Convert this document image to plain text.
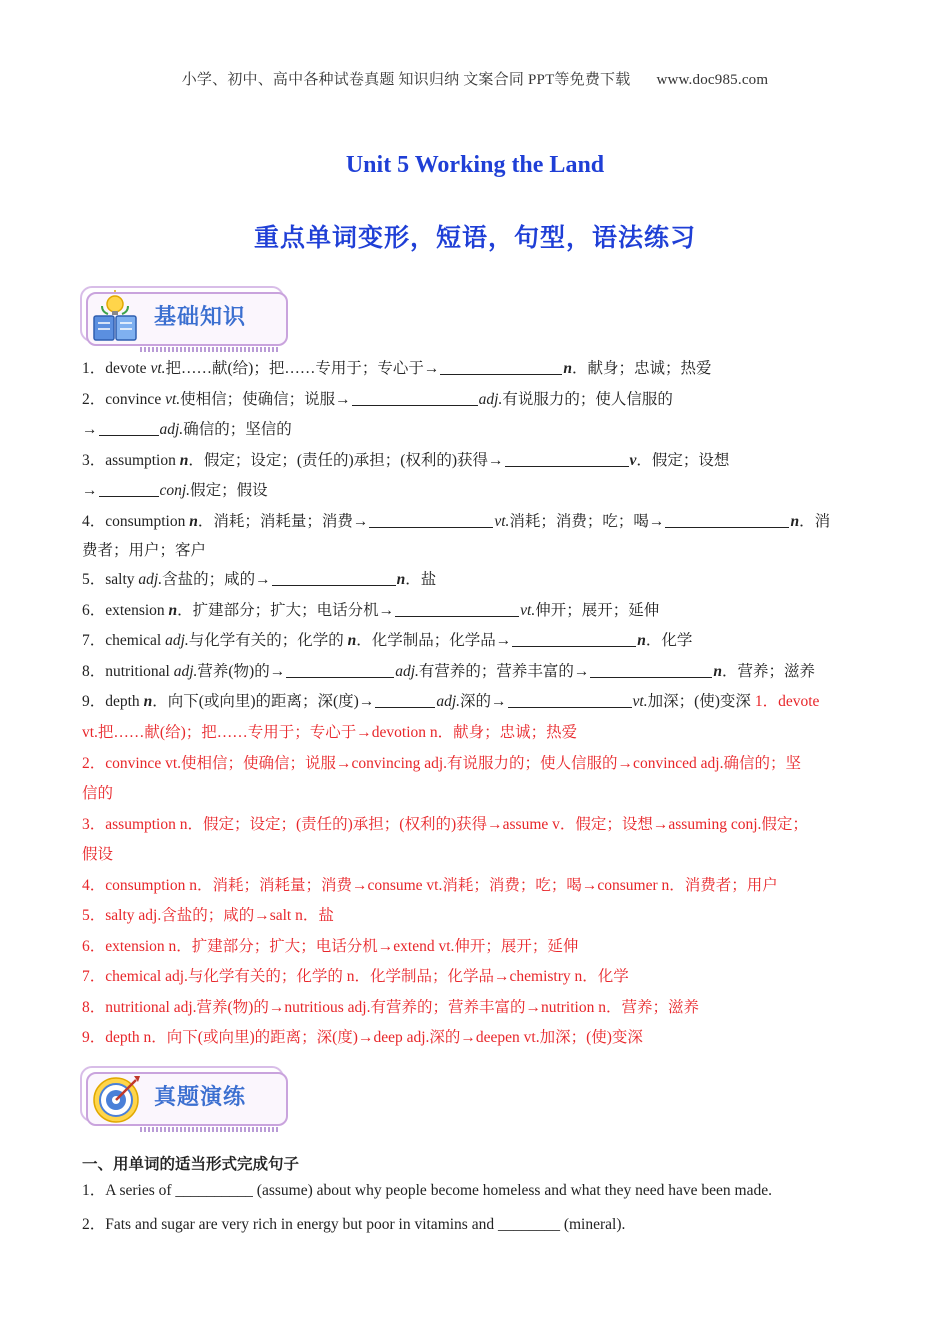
小学、初中、高中各种试卷真题 知识归纳 文案合同 PPT等免费下载 www.doc985.com
Unit 5 Working the Land
重点单词变形，短语，句型，语法练习
基础知识
1．devote vt.把……献(给)；把……专用于；专心于→	n．献身；忠诚；热爱
2．convince vt.使相信；使确信；说服→	adj.有说服力的；使人信服的
→	adj.确信的；坚信的
3．assumption n．假定；设定；(责任的)承担；(权利的)获得→	v．假定；设想
→	conj.假定；假设
4．consumption n．消耗；消耗量；消费→	vt.消耗；消费；吃；喝→	n．消
费者；用户；客户
5．salty adj.含盐的；咸的→	n．盐
6．extension n．扩建部分；扩大；电话分机→	vt.伸开；展开；延伸
7．chemical adj.与化学有关的；化学的 n．化学制品；化学品→	n．化学
8．nutritional adj.营养(物)的→	adj.有营养的；营养丰富的→	n．营养；滋养
9．depth n．向下(或向里)的距离；深(度)→	adj.深的→	vt.加深；(使)变深 1．devote
vt.把……献(给)；把……专用于；专心于→devotion n．献身；忠诚；热爱
2．convince vt.使相信；使确信；说服→convincing adj.有说服力的；使人信服的→convinced adj.确信的；坚
信的
3．assumption n．假定；设定；(责任的)承担；(权利的)获得→assume v．假定；设想→assuming conj.假定；
假设
4．consumption n．消耗；消耗量；消费→consume vt.消耗；消费；吃；喝→consumer n．消费者；用户
5．salty adj.含盐的；咸的→salt n．盐
6．extension n．扩建部分；扩大；电话分机→extend vt.伸开；展开；延伸
7．chemical adj.与化学有关的；化学的 n．化学制品；化学品→chemistry n．化学
8．nutritional adj.营养(物)的→nutritious adj.有营养的；营养丰富的→nutrition n．营养；滋养
9．depth n．向下(或向里)的距离；深(度)→deep adj.深的→deepen vt.加深；(使)变深
真题演练
一、用单词的适当形式完成句子
1．A series of __________ (assume) about why people become homeless and what they need have been made.
2．Fats and sugar are very rich in energy but poor in vitamins and ________ (mineral).
